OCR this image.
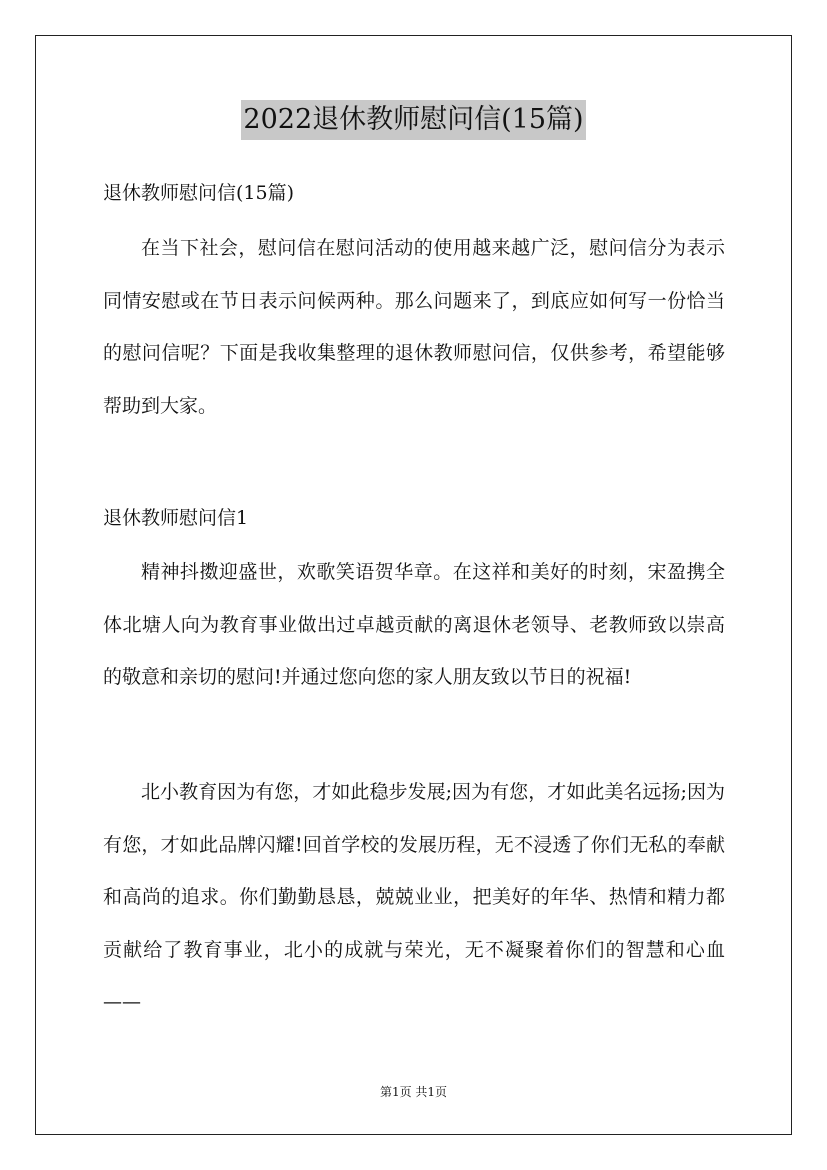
2022退休教师慰问信(15篇)

退休教师慰问信(15篇)

在当下社会，慰问信在慰问活动的使用越来越广泛，慰问信分为表示同情安慰或在节日表示问候两种。那么问题来了，到底应如何写一份恰当的慰问信呢？下面是我收集整理的退休教师慰问信，仅供参考，希望能够帮助到大家。

退休教师慰问信1

精神抖擞迎盛世，欢歌笑语贺华章。在这祥和美好的时刻，宋盈携全体北塘人向为教育事业做出过卓越贡献的离退休老领导、老教师致以崇高的敬意和亲切的慰问!并通过您向您的家人朋友致以节日的祝福!

北小教育因为有您，才如此稳步发展;因为有您，才如此美名远扬;因为有您，才如此品牌闪耀!回首学校的发展历程，无不浸透了你们无私的奉献和高尚的追求。你们勤勤恳恳，兢兢业业，把美好的年华、热情和精力都贡献给了教育事业，北小的成就与荣光，无不凝聚着你们的智慧和心血——

第1页 共1页
